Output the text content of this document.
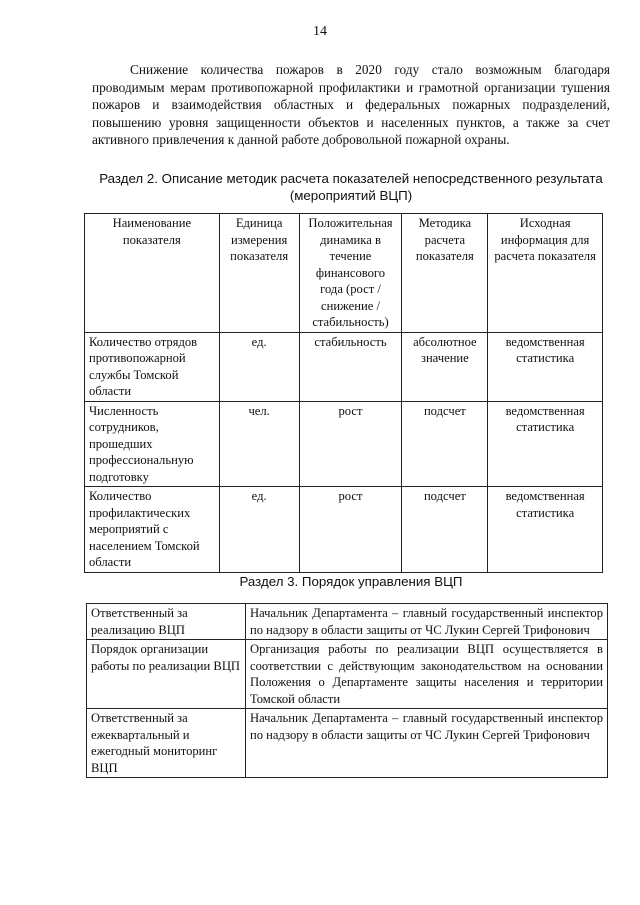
14

Снижение количества пожаров в 2020 году стало возможным благодаря проводимым мерам противопожарной профилактики и грамотной организации тушения пожаров и взаимодействия областных и федеральных пожарных подразделений, повышению уровня защищенности объектов и населенных пунктов, а также за счет активного привлечения к данной работе добровольной пожарной охраны.

Раздел 2. Описание методик расчета показателей непосредственного результата
(мероприятий ВЦП)
Наименование показателя	Единица измерения показателя	Положительная динамика в течение финансового года (рост / снижение / стабильность)	Методика расчета показателя	Исходная информация для расчета показателя
Количество отрядов противопожарной службы Томской области	ед.	стабильность	абсолютное значение	ведомственная статистика
Численность сотрудников, прошедших профессиональную подготовку	чел.	рост	подсчет	ведомственная статистика
Количество профилактических мероприятий с населением Томской области	ед.	рост	подсчет	ведомственная статистика
Раздел 3. Порядок управления ВЦП
Ответственный за реализацию ВЦП	Начальник Департамента – главный государственный инспектор по надзору в области защиты от ЧС Лукин Сергей Трифонович
Порядок организации работы по реализации ВЦП	Организация работы по реализации ВЦП осуществляется в соответствии с действующим законодательством на основании Положения о Департаменте защиты населения и территории Томской области
Ответственный за ежеквартальный и ежегодный мониторинг ВЦП	Начальник Департамента – главный государственный инспектор по надзору в области защиты от ЧС Лукин Сергей Трифонович
